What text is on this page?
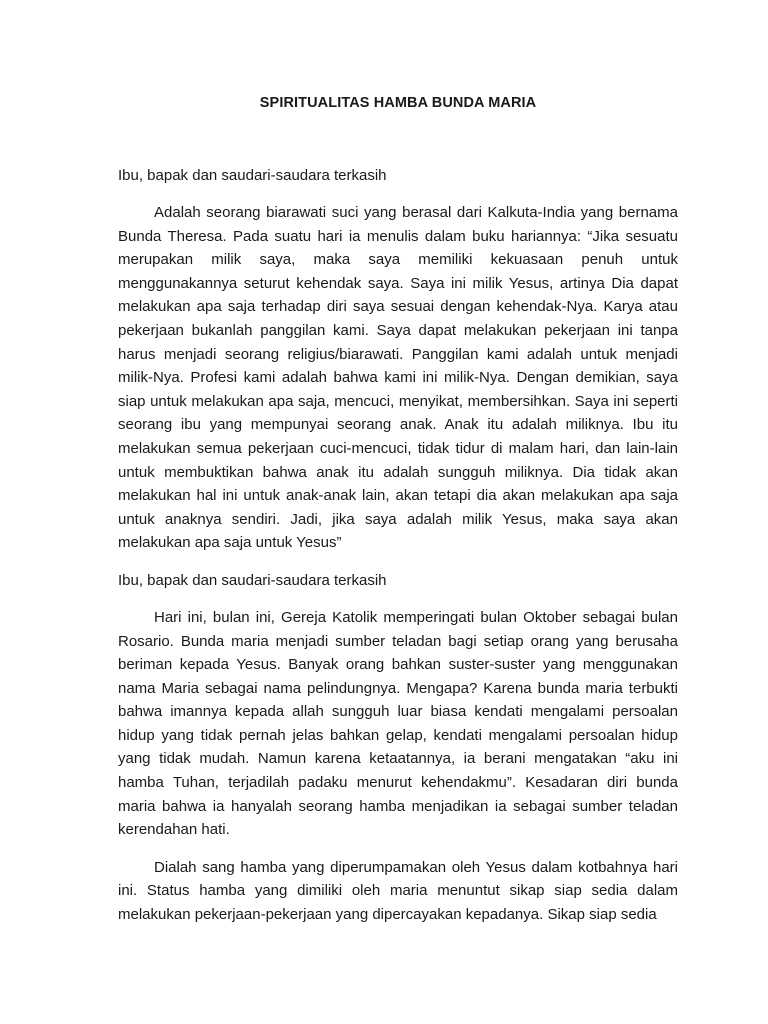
SPIRITUALITAS HAMBA BUNDA MARIA

Ibu, bapak dan saudari-saudara terkasih

Adalah seorang biarawati suci yang berasal dari Kalkuta-India yang bernama Bunda Theresa. Pada suatu hari ia menulis dalam buku hariannya: “Jika sesuatu merupakan milik saya, maka saya memiliki kekuasaan penuh untuk menggunakannya seturut kehendak saya. Saya ini milik Yesus, artinya Dia dapat melakukan apa saja terhadap diri saya sesuai dengan kehendak-Nya. Karya atau pekerjaan bukanlah panggilan kami. Saya dapat melakukan pekerjaan ini tanpa harus menjadi seorang religius/biarawati. Panggilan kami adalah untuk menjadi milik-Nya. Profesi kami adalah bahwa kami ini milik-Nya. Dengan demikian, saya siap untuk melakukan apa saja, mencuci, menyikat, membersihkan. Saya ini seperti seorang ibu yang mempunyai seorang anak. Anak itu adalah miliknya. Ibu itu melakukan semua pekerjaan cuci-mencuci, tidak tidur di malam hari, dan lain-lain untuk membuktikan bahwa anak itu adalah sungguh miliknya. Dia tidak akan melakukan hal ini untuk anak-anak lain, akan tetapi dia akan melakukan apa saja untuk anaknya sendiri. Jadi, jika saya adalah milik Yesus, maka saya akan melakukan apa saja untuk Yesus”

Ibu, bapak dan saudari-saudara terkasih

Hari ini, bulan ini, Gereja Katolik memperingati bulan Oktober sebagai bulan Rosario. Bunda maria menjadi sumber teladan bagi setiap orang yang berusaha beriman kepada Yesus. Banyak orang bahkan suster-suster yang menggunakan nama Maria sebagai nama pelindungnya. Mengapa? Karena bunda maria terbukti bahwa imannya kepada allah sungguh luar biasa kendati mengalami persoalan hidup yang tidak pernah jelas bahkan gelap, kendati mengalami persoalan hidup yang tidak mudah. Namun karena ketaatannya, ia berani mengatakan “aku ini hamba Tuhan, terjadilah padaku menurut kehendakmu”. Kesadaran diri bunda maria bahwa ia hanyalah seorang hamba menjadikan ia sebagai sumber teladan kerendahan hati.

Dialah sang hamba yang diperumpamakan oleh Yesus dalam kotbahnya hari ini. Status hamba yang dimiliki oleh maria menuntut sikap siap sedia dalam melakukan pekerjaan-pekerjaan yang dipercayakan kepadanya. Sikap siap sedia
